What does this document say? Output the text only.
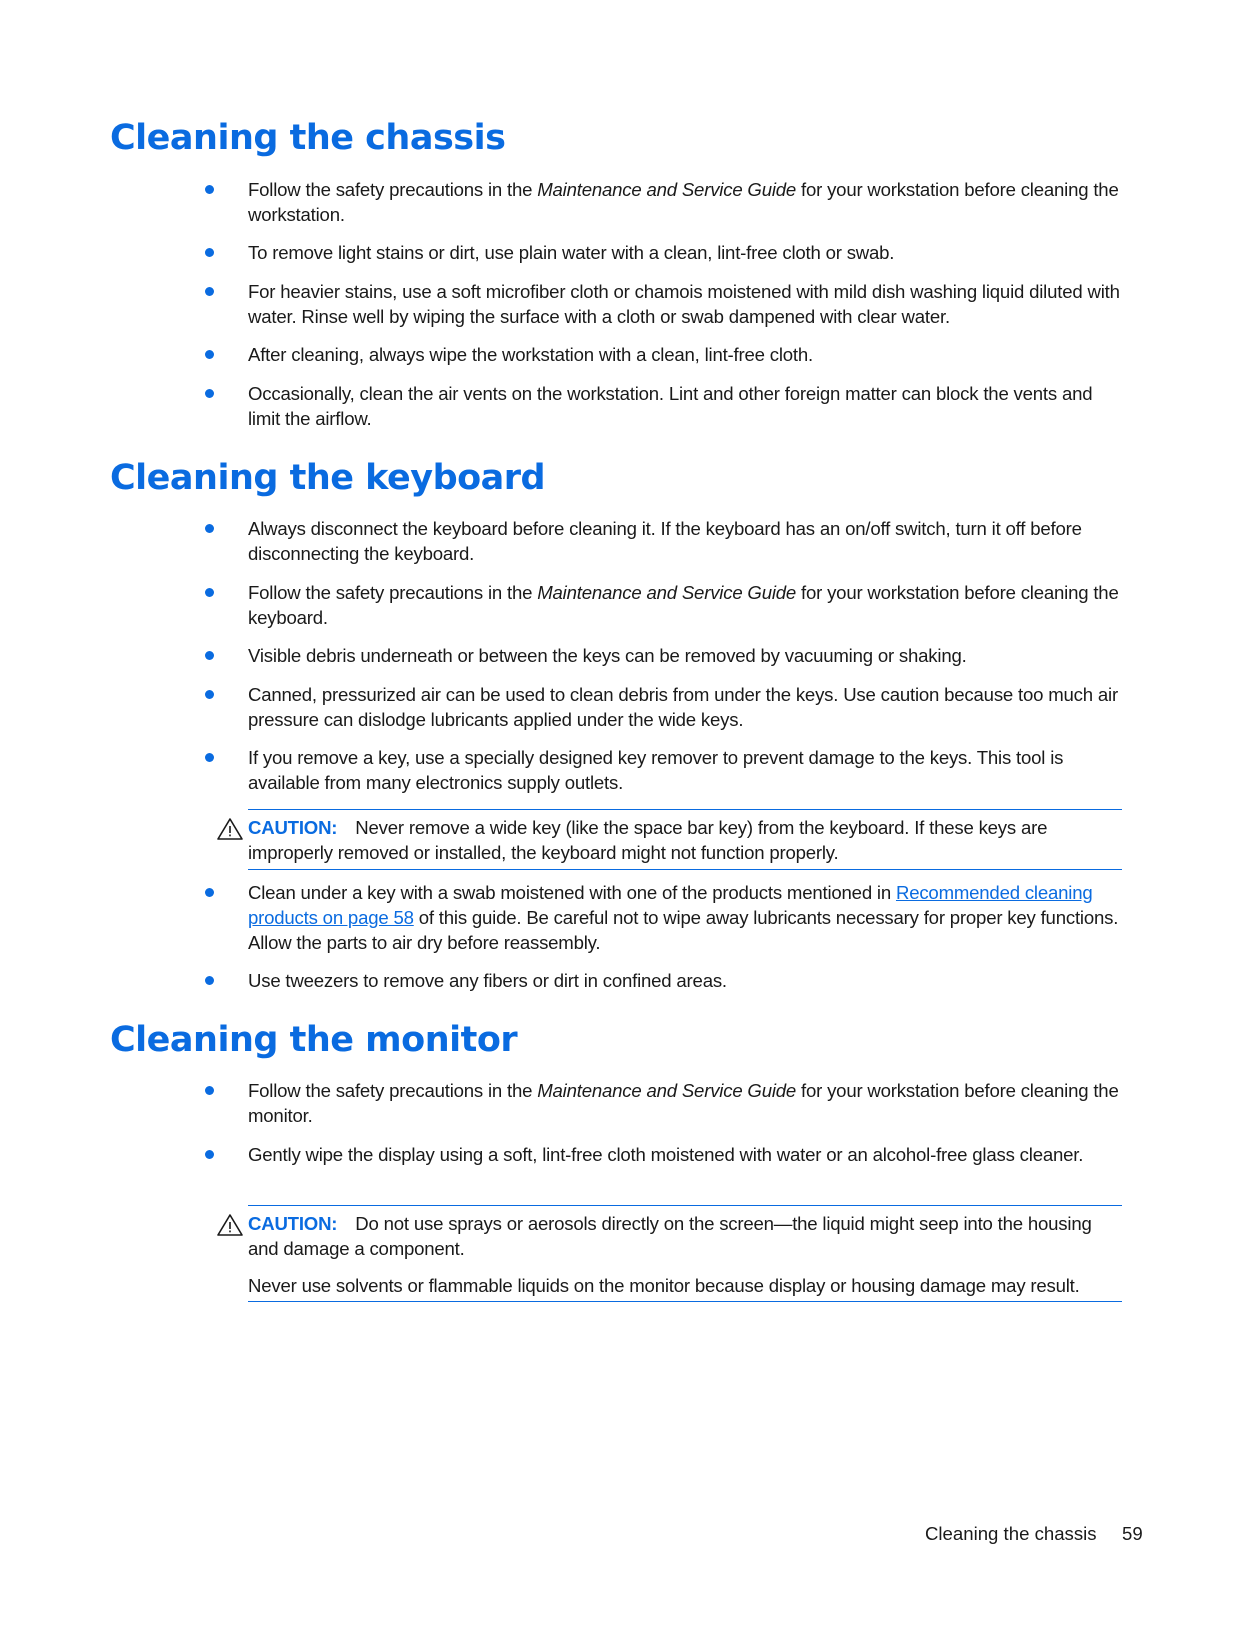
Cleaning the chassis
Follow the safety precautions in the Maintenance and Service Guide for your workstation before cleaning the workstation.
To remove light stains or dirt, use plain water with a clean, lint-free cloth or swab.
For heavier stains, use a soft microfiber cloth or chamois moistened with mild dish washing liquid diluted with water. Rinse well by wiping the surface with a cloth or swab dampened with clear water.
After cleaning, always wipe the workstation with a clean, lint-free cloth.
Occasionally, clean the air vents on the workstation. Lint and other foreign matter can block the vents and limit the airflow.
Cleaning the keyboard
Always disconnect the keyboard before cleaning it. If the keyboard has an on/off switch, turn it off before disconnecting the keyboard.
Follow the safety precautions in the Maintenance and Service Guide for your workstation before cleaning the keyboard.
Visible debris underneath or between the keys can be removed by vacuuming or shaking.
Canned, pressurized air can be used to clean debris from under the keys. Use caution because too much air pressure can dislodge lubricants applied under the wide keys.
If you remove a key, use a specially designed key remover to prevent damage to the keys. This tool is available from many electronics supply outlets.

CAUTION: Never remove a wide key (like the space bar key) from the keyboard. If these keys are improperly removed or installed, the keyboard might not function properly.

Clean under a key with a swab moistened with one of the products mentioned in Recommended cleaning products on page 58 of this guide. Be careful not to wipe away lubricants necessary for proper key functions. Allow the parts to air dry before reassembly.
Use tweezers to remove any fibers or dirt in confined areas.
Cleaning the monitor
Follow the safety precautions in the Maintenance and Service Guide for your workstation before cleaning the monitor.
Gently wipe the display using a soft, lint-free cloth moistened with water or an alcohol-free glass cleaner.

CAUTION: Do not use sprays or aerosols directly on the screen—the liquid might seep into the housing and damage a component.

Never use solvents or flammable liquids on the monitor because display or housing damage may result.

Cleaning the chassis 59
